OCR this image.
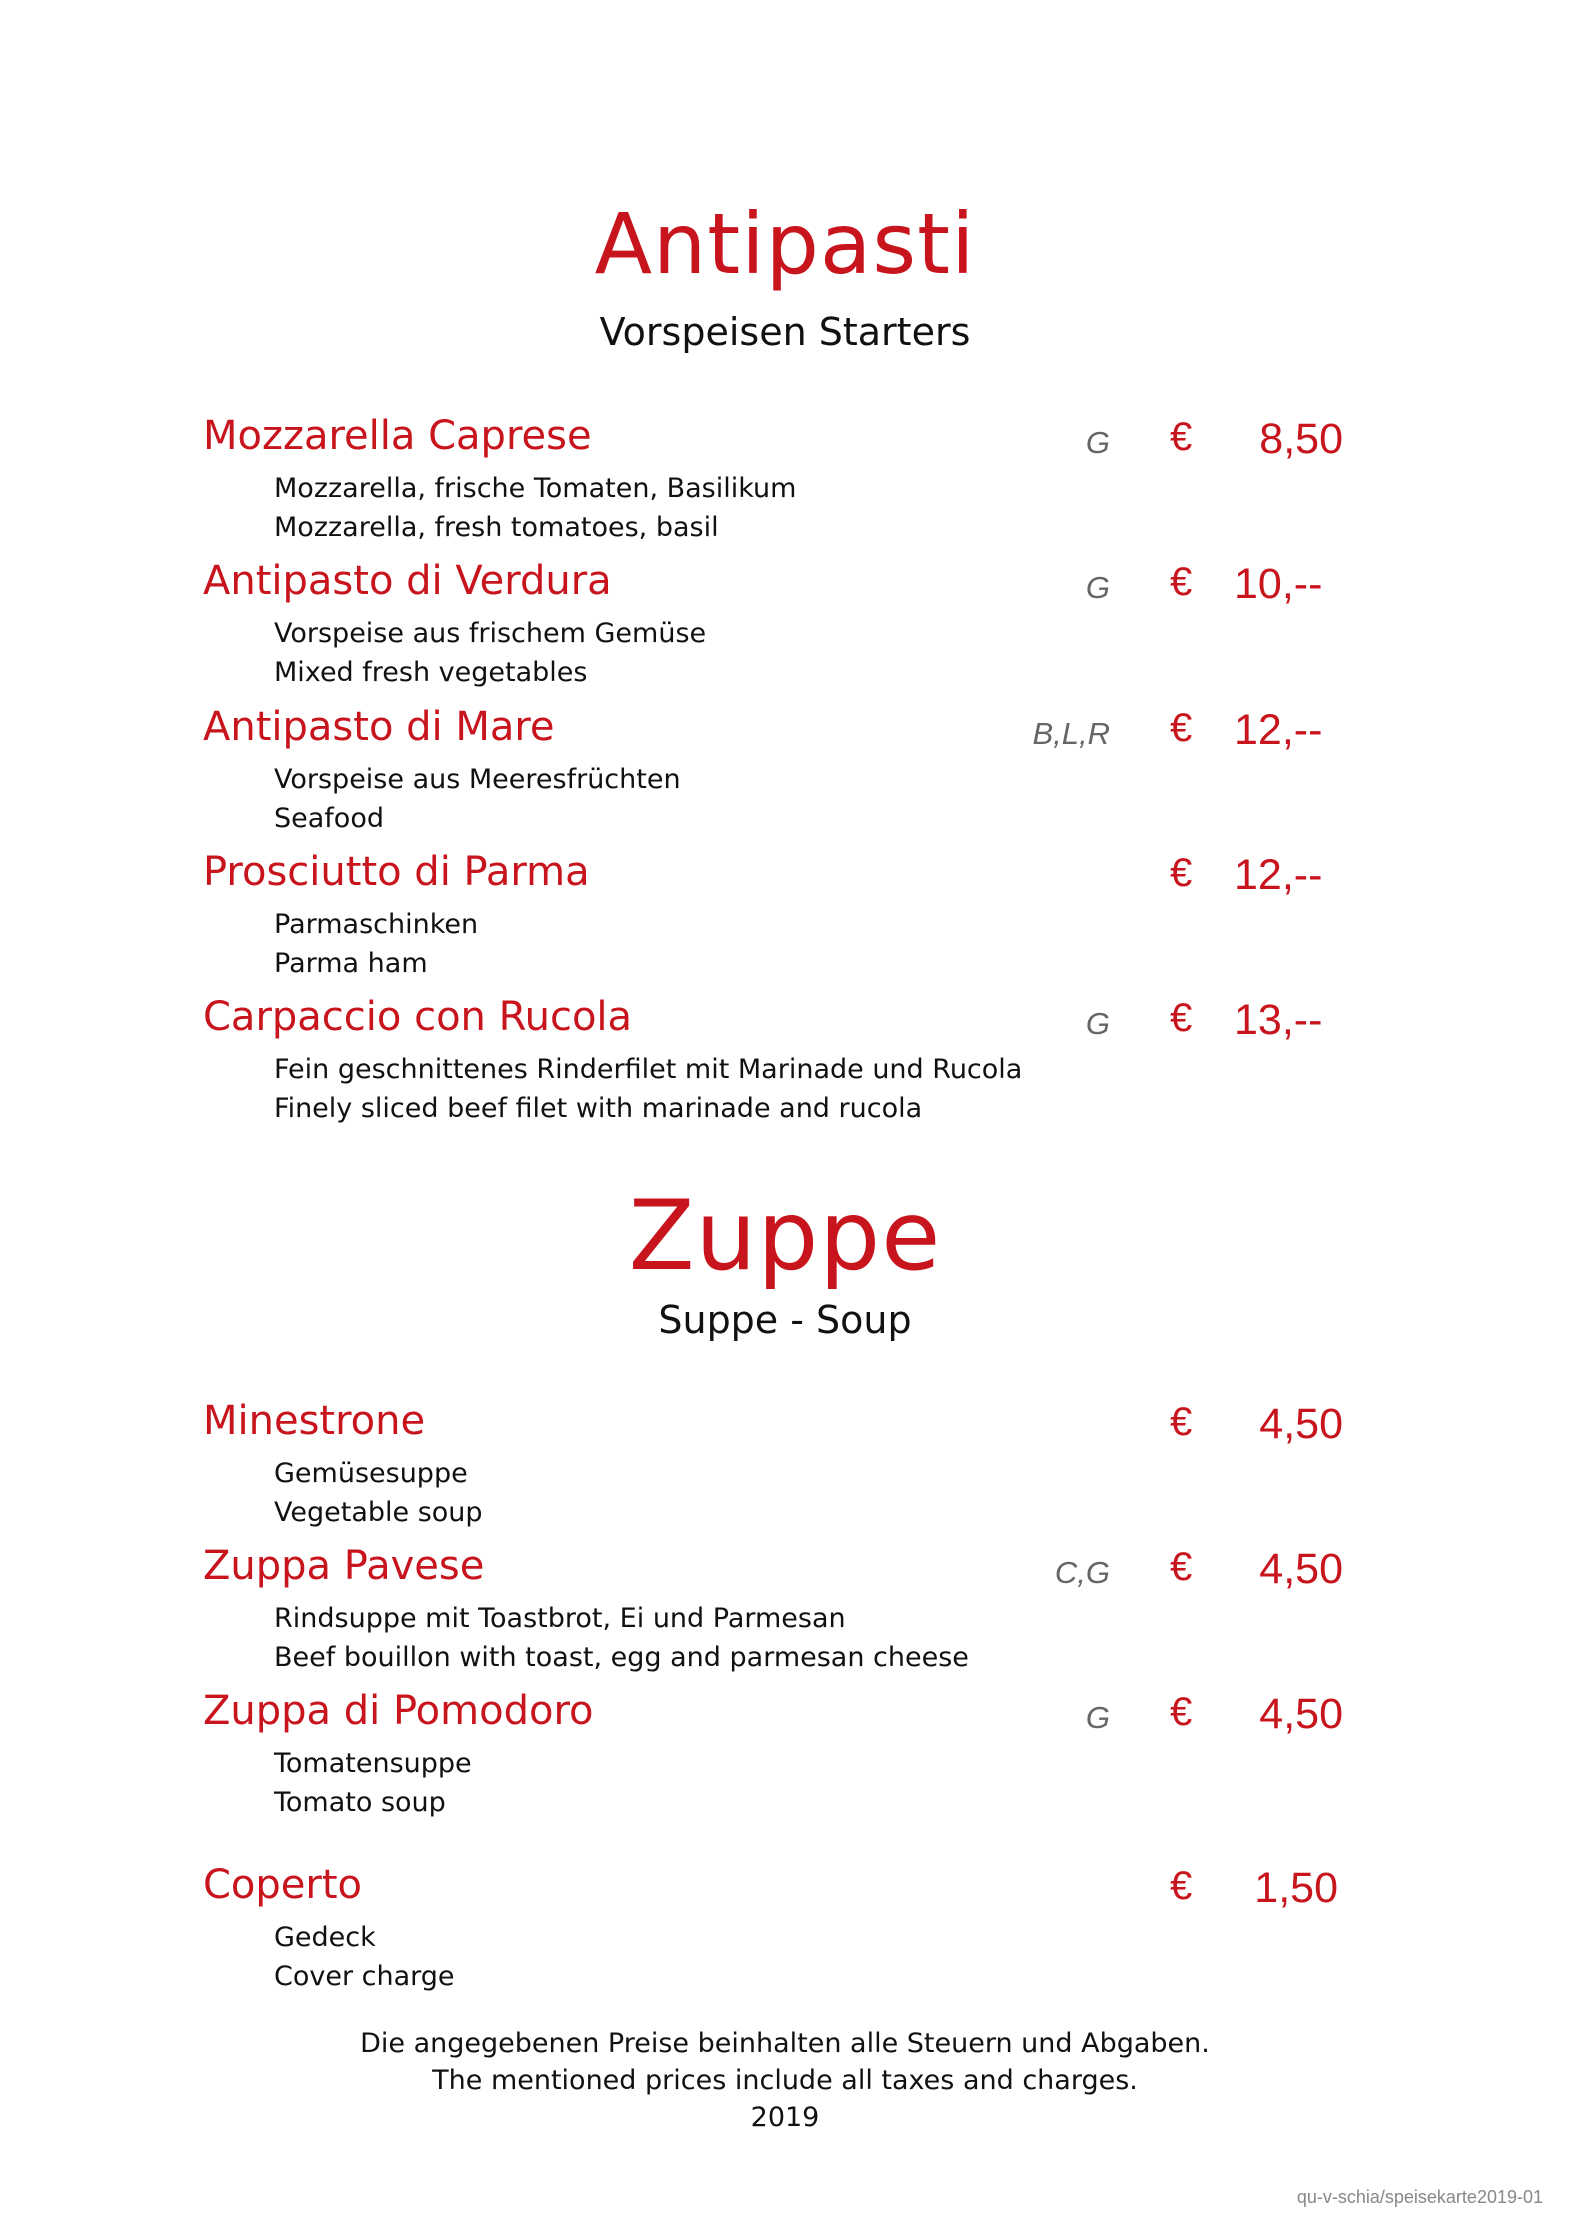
Antipasti
Vorspeisen Starters
Mozzarella Caprese
Mozzarella, frische Tomaten, Basilikum
Mozzarella, fresh tomatoes, basil
G € 8,50
Antipasto di Verdura
Vorspeise aus frischem Gemüse
Mixed fresh vegetables
G € 10,--
Antipasto di Mare
Vorspeise aus Meeresfrüchten
Seafood
B,L,R € 12,--
Prosciutto di Parma
Parmaschinken
Parma ham
€ 12,--
Carpaccio con Rucola
Fein geschnittenes Rinderfilet mit Marinade und Rucola
Finely sliced beef filet with marinade and rucola
G € 13,--
Zuppe
Suppe - Soup
Minestrone
Gemüsesuppe
Vegetable soup
€ 4,50
Zuppa Pavese
Rindsuppe mit Toastbrot, Ei und Parmesan
Beef bouillon with toast, egg and parmesan cheese
C,G € 4,50
Zuppa di Pomodoro
Tomatensuppe
Tomato soup
G € 4,50
Coperto
Gedeck
Cover charge
€ 1,50
Die angegebenen Preise beinhalten alle Steuern und Abgaben.
The mentioned prices include all taxes and charges.
2019
qu-v-schia/speisekarte2019-01
